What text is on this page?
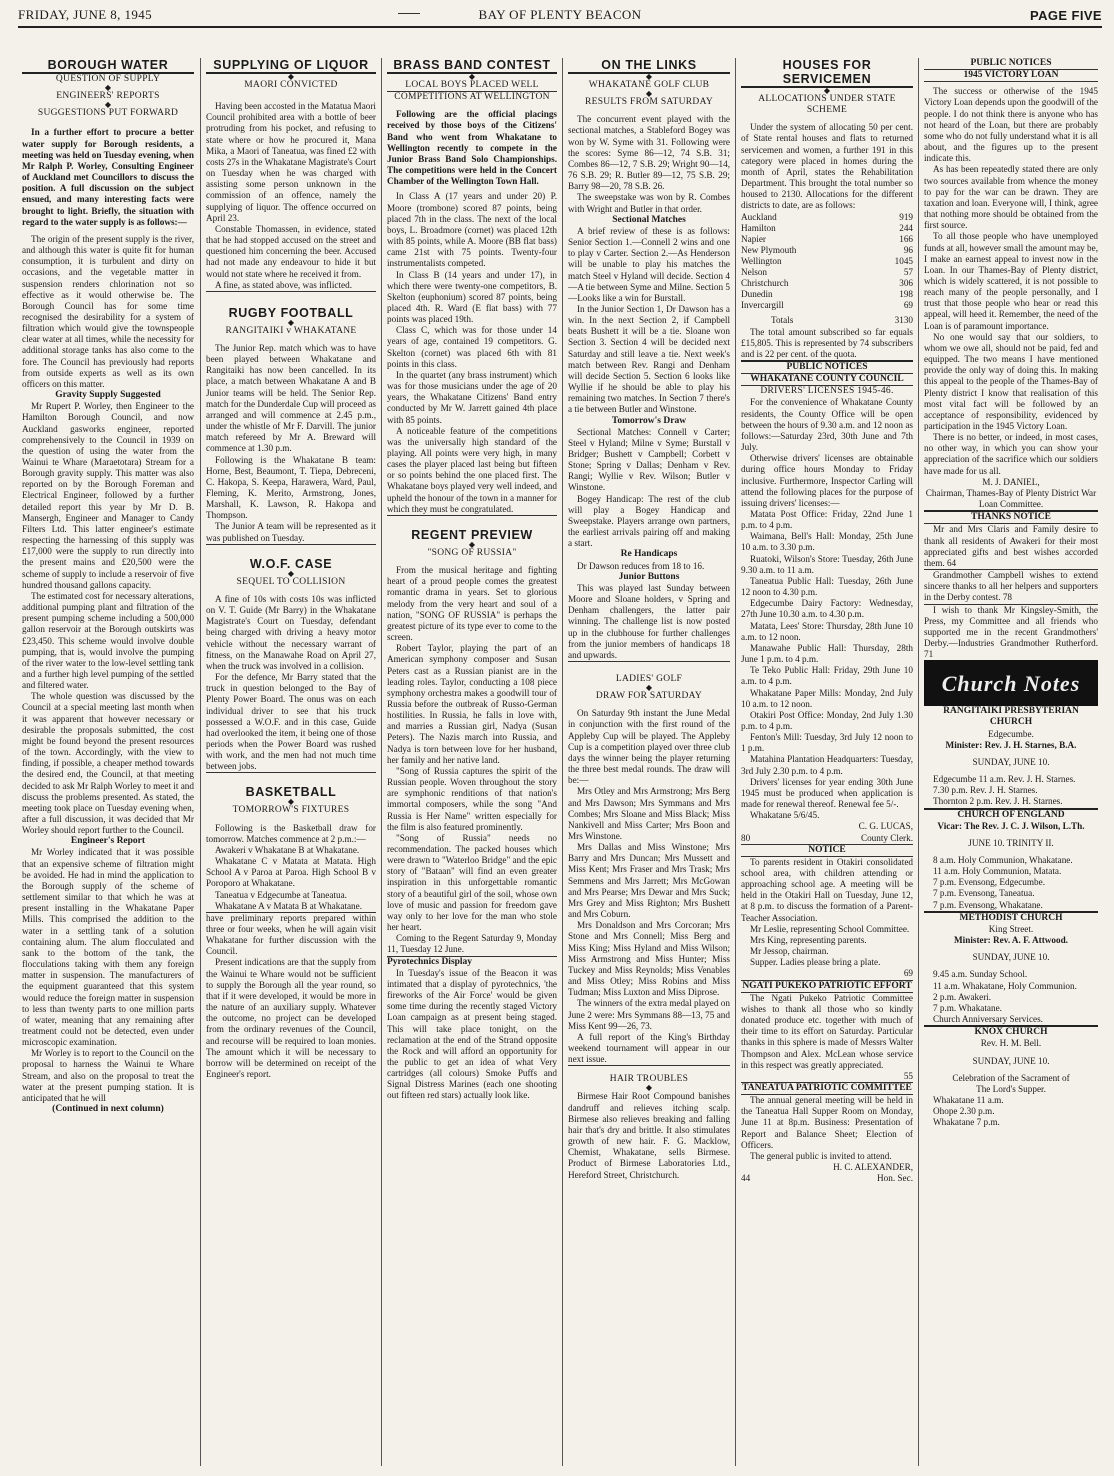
FRIDAY, JUNE 8, 1945	BAY OF PLENTY BEACON	PAGE FIVE
BOROUGH WATER
QUESTION OF SUPPLY
◆
ENGINEERS' REPORTS
◆
SUGGESTIONS PUT FORWARD

In a further effort to procure a better water supply for Borough residents, a meeting was held on Tuesday evening, when Mr Ralph P. Worley, Consulting Engineer of Auckland met Councillors to discuss the position. A full discussion on the subject ensued, and many interesting facts were brought to light. Briefly, the situation with regard to the water supply is as follows:—

The origin of the present supply is the river, and although this water is quite fit for human consumption, it is turbulent and dirty on occasions, and the vegetable matter in suspension renders chlorination not so effective as it would otherwise be. The Borough Council has for some time recognised the desirability for a system of filtration which would give the townspeople clear water at all times, while the necessity for additional storage tanks has also come to the fore. The Council has previously had reports from outside experts as well as its own officers on this matter.

Gravity Supply Suggested

Mr Rupert P. Worley, then Engineer to the Hamilton Borough Council, and now Auckland gasworks engineer, reported comprehensively to the Council in 1939 on the question of using the water from the Wainui te Whare (Maraetotara) Stream for a Borough gravity supply. This matter was also reported on by the Borough Foreman and Electrical Engineer, followed by a further detailed report this year by Mr D. B. Mansergh, Engineer and Manager to Candy Filters Ltd. This latter engineer's estimate respecting the harnessing of this supply was £17,000 were the supply to run directly into the present mains and £20,500 were the scheme of supply to include a reservoir of five hundred thousand gallons capacity.

The estimated cost for necessary alterations, additional pumping plant and filtration of the present pumping scheme including a 500,000 gallon reservoir at the Borough outskirts was £23,450. This scheme would involve double pumping, that is, would involve the pumping of the river water to the low-level settling tank and a further high level pumping of the settled and filtered water.

The whole question was discussed by the Council at a special meeting last month when it was apparent that however necessary or desirable the proposals submitted, the cost might be found beyond the present resources of the town. Accordingly, with the view to finding, if possible, a cheaper method towards the desired end, the Council, at that meeting decided to ask Mr Ralph Worley to meet it and discuss the problems presented. As stated, the meeting took place on Tuesday evening when, after a full discussion, it was decided that Mr Worley should report further to the Council.

Engineer's Report

Mr Worley indicated that it was possible that an expensive scheme of filtration might be avoided. He had in mind the application to the Borough supply of the scheme of settlement similar to that which he was at present installing in the Whakatane Paper Mills. This comprised the addition to the water in a settling tank of a solution containing alum. The alum flocculated and sank to the bottom of the tank, the flocculations taking with them any foreign matter in suspension. The manufacturers of the equipment guaranteed that this system would reduce the foreign matter in suspension to less than twenty parts to one million parts of water, meaning that any remaining after treatment could not be detected, even under microscopic examination.

Mr Worley is to report to the Council on the proposal to harness the Wainui te Whare Stream, and also on the proposal to treat the water at the present pumping station. It is anticipated that he will

(Continued in next column)
SUPPLYING OF LIQUOR
◆
MAORI CONVICTED

Having been accosted in the Matatua Maori Council prohibited area with a bottle of beer protruding from his pocket, and refusing to state where or how he procured it, Mana Mika, a Maori of Taneatua, was fined £2 with costs 27s in the Whakatane Magistrate's Court on Tuesday when he was charged with assisting some person unknown in the commission of an offence, namely the supplying of liquor. The offence occurred on April 23.

Constable Thomassen, in evidence, stated that he had stopped accused on the street and questioned him concerning the beer. Accused had not made any endeavour to hide it but would not state where he received it from.

A fine, as stated above, was inflicted.

RUGBY FOOTBALL
◆
RANGITAIKI v WHAKATANE

The Junior Rep. match which was to have been played between Whakatane and Rangitaiki has now been cancelled. In its place, a match between Whakatane A and B Junior teams will be held. The Senior Rep. match for the Dunderdale Cup will proceed as arranged and will commence at 2.45 p.m., under the whistle of Mr F. Darvill. The junior match refereed by Mr A. Breward will commence at 1.30 p.m.

Following is the Whakatane B team: Horne, Best, Beaumont, T. Tiepa, Debreceni, C. Hakopa, S. Keepa, Harawera, Ward, Paul, Fleming, K. Merito, Armstrong, Jones, Marshall, K. Lawson, R. Hakopa and Thompson.

The Junior A team will be represented as it was published on Tuesday.

W.O.F. CASE
◆
SEQUEL TO COLLISION

A fine of 10s with costs 10s was inflicted on V. T. Guide (Mr Barry) in the Whakatane Magistrate's Court on Tuesday, defendant being charged with driving a heavy motor vehicle without the necessary warrant of fitness, on the Manawahe Road on April 27, when the truck was involved in a collision.

For the defence, Mr Barry stated that the truck in question belonged to the Bay of Plenty Power Board. The onus was on each individual driver to see that his truck possessed a W.O.F. and in this case, Guide had overlooked the item, it being one of those periods when the Power Board was rushed with work, and the men had not much time between jobs.

BASKETBALL
◆
TOMORROW'S FIXTURES

Following is the Basketball draw for tomorrow. Matches commence at 2 p.m.:—

Awakeri v Whakatane B at Whakatane.

Whakatane C v Matata at Matata. High School A v Paroa at Paroa. High School B v Poroporo at Whakatane.

Taneatua v Edgecumbe at Taneatua.

Whakatane A v Matata B at Whakatane.

have preliminary reports prepared within three or four weeks, when he will again visit Whakatane for further discussion with the Council.

Present indications are that the supply from the Wainui te Whare would not be sufficient to supply the Borough all the year round, so that if it were developed, it would be more in the nature of an auxiliary supply. Whatever the outcome, no project can be developed from the ordinary revenues of the Council, and recourse will be required to loan monies. The amount which it will be necessary to borrow will be determined on receipt of the Engineer's report.

BRASS BAND CONTEST
◆
LOCAL BOYS PLACED WELL
COMPETITIONS AT WELLINGTON

Following are the official placings received by those boys of the Citizens' Band who went from Whakatane to Wellington recently to compete in the Junior Brass Band Solo Championships. The competitions were held in the Concert Chamber of the Wellington Town Hall.

In Class A (17 years and under 20) P. Moore (trombone) scored 87 points, being placed 7th in the class. The next of the local boys, L. Broadmore (cornet) was placed 12th with 85 points, while A. Moore (BB flat bass) came 21st with 75 points. Twenty-four instrumentalists competed.

In Class B (14 years and under 17), in which there were twenty-one competitors, B. Skelton (euphonium) scored 87 points, being placed 4th. R. Ward (E flat bass) with 77 points was placed 19th.

Class C, which was for those under 14 years of age, contained 19 competitors. G. Skelton (cornet) was placed 6th with 81 points in this class.

In the quartet (any brass instrument) which was for those musicians under the age of 20 years, the Whakatane Citizens' Band entry conducted by Mr W. Jarrett gained 4th place with 85 points.

A noticeable feature of the competitions was the universally high standard of the playing. All points were very high, in many cases the player placed last being but fifteen or so points behind the one placed first. The Whakatane boys played very well indeed, and upheld the honour of the town in a manner for which they must be congratulated.

REGENT PREVIEW
◆
"SONG OF RUSSIA"

From the musical heritage and fighting heart of a proud people comes the greatest romantic drama in years. Set to glorious melody from the very heart and soul of a nation, "SONG OF RUSSIA" is perhaps the greatest picture of its type ever to come to the screen.

Robert Taylor, playing the part of an American symphony composer and Susan Peters cast as a Russian pianist are in the leading roles. Taylor, conducting a 108 piece symphony orchestra makes a goodwill tour of Russia before the outbreak of Russo-German hostilities. In Russia, he falls in love with, and marries a Russian girl, Nadya (Susan Peters). The Nazis march into Russia, and Nadya is torn between love for her husband, her family and her native land.

"Song of Russia captures the spirit of the Russian people. Woven throughout the story are symphonic renditions of that nation's immortal composers, while the song "And Russia is Her Name" written especially for the film is also featured prominently.

"Song of Russia" needs no recommendation. The packed houses which were drawn to "Waterloo Bridge" and the epic story of "Bataan" will find an even greater inspiration in this unforgettable romantic story of a beautiful girl of the soil, whose own love of music and passion for freedom gave way only to her love for the man who stole her heart.

Coming to the Regent Saturday 9, Monday 11, Tuesday 12 June.

Pyrotechnics Display

In Tuesday's issue of the Beacon it was intimated that a display of pyrotechnics, 'the fireworks of the Air Force' would be given some time during the recently staged Victory Loan campaign as at present being staged. This will take place tonight, on the reclamation at the end of the Strand opposite the Rock and will afford an opportunity for the public to get an idea of what Very cartridges (all colours) Smoke Puffs and Signal Distress Marines (each one shooting out fifteen red stars) actually look like.

ON THE LINKS
◆
WHAKATANE GOLF CLUB
◆
RESULTS FROM SATURDAY

The concurrent event played with the sectional matches, a Stableford Bogey was won by W. Syme with 31. Following were the scores: Syme 86—12, 74 S.B. 31; Combes 86—12, 7 S.B. 29; Wright 90—14, 76 S.B. 29; R. Butler 89—12, 75 S.B. 29; Barry 98—20, 78 S.B. 26.

The sweepstake was won by R. Combes with Wright and Butler in that order.

Sectional Matches

A brief review of these is as follows: Senior Section 1.—Connell 2 wins and one to play v Carter. Section 2.—As Henderson will be unable to play his matches the match Steel v Hyland will decide. Section 4—A tie between Syme and Milne. Section 5—Looks like a win for Burstall.

In the Junior Section 1, Dr Dawson has a win. In the next Section 2, if Campbell beats Bushett it will be a tie. Sloane won Section 3. Section 4 will be decided next Saturday and still leave a tie. Next week's match between Rev. Rangi and Denham will decide Section 5. Section 6 looks like Wyllie if he should be able to play his remaining two matches. In Section 7 there's a tie between Butler and Winstone.

Tomorrow's Draw

Sectional Matches: Connell v Carter; Steel v Hyland; Milne v Syme; Burstall v Bridger; Bushett v Campbell; Corbett v Stone; Spring v Dallas; Denham v Rev. Rangi; Wyllie v Rev. Wilson; Butler v Winstone.

Bogey Handicap: The rest of the club will play a Bogey Handicap and Sweepstake. Players arrange own partners, the earliest arrivals pairing off and making a start.

Re Handicaps

Dr Dawson reduces from 18 to 16.

Junior Buttons

This was played last Sunday between Moore and Sloane holders, v Spring and Denham challengers, the latter pair winning. The challenge list is now posted up in the clubhouse for further challenges from the junior members of handicaps 18 and upwards.

LADIES' GOLF
◆
DRAW FOR SATURDAY

On Saturday 9th instant the June Medal in conjunction with the first round of the Appleby Cup will be played. The Appleby Cup is a competition played over three club days the winner being the player returning the three best medal rounds. The draw will be:—

Mrs Otley and Mrs Armstrong; Mrs Berg and Mrs Dawson; Mrs Symmans and Mrs Combes; Mrs Sloane and Miss Black; Miss Nankivell and Miss Carter; Mrs Boon and Mrs Winstone.

Mrs Dallas and Miss Winstone; Mrs Barry and Mrs Duncan; Mrs Mussett and Miss Kent; Mrs Fraser and Mrs Trask; Mrs Semmens and Mrs Jarrett; Mrs McGowan and Mrs Pearse; Mrs Dewar and Mrs Suck; Mrs Grey and Miss Righton; Mrs Bushett and Mrs Coburn.

Mrs Donaldson and Mrs Corcoran; Mrs Stone and Mrs Connell; Miss Berg and Miss King; Miss Hyland and Miss Wilson; Miss Armstrong and Miss Hunter; Miss Tuckey and Miss Reynolds; Miss Venables and Miss Otley; Miss Robins and Miss Tudman; Miss Luxton and Miss Diprose.

The winners of the extra medal played on June 2 were: Mrs Symmans 88—13, 75 and Miss Kent 99—26, 73.

A full report of the King's Birthday weekend tournament will appear in our next issue.

HAIR TROUBLES
◆

Birmese Hair Root Compound banishes dandruff and relieves itching scalp. Birmese also relieves breaking and falling hair that's dry and brittle. It also stimulates growth of new hair. F. G. Macklow, Chemist, Whakatane, sells Birmese. Product of Birmese Laboratories Ltd., Hereford Street, Christchurch.

HOUSES FOR SERVICEMEN
◆
ALLOCATIONS UNDER STATE SCHEME

Under the system of allocating 50 per cent. of State rental houses and flats to returned servicemen and women, a further 191 in this category were placed in homes during the month of April, states the Rehabilitation Department. This brought the total number so housed to 2130. Allocations for the different districts to date, are as follows:

Auckland	919
Hamilton	244
Napier	166
New Plymouth	96
Wellington	1045
Nelson	57
Christchurch	306
Dunedin	198
Invercargill	69
Totals	3130

The total amount subscribed so far equals £15,805. This is represented by 74 subscribers and is 22 per cent. of the quota.

PUBLIC NOTICES
WHAKATANE COUNTY COUNCIL
DRIVERS' LICENSES 1945-46.

For the convenience of Whakatane County residents, the County Office will be open between the hours of 9.30 a.m. and 12 noon as follows:—Saturday 23rd, 30th June and 7th July.

Otherwise drivers' licenses are obtainable during office hours Monday to Friday inclusive. Furthermore, Inspector Carling will attend the following places for the purpose of issuing drivers' licenses:—

Matata Post Office: Friday, 22nd June 1 p.m. to 4 p.m.

Waimana, Bell's Hall: Monday, 25th June 10 a.m. to 3.30 p.m.

Ruatoki, Wilson's Store: Tuesday, 26th June 9.30 a.m. to 11 a.m.

Taneatua Public Hall: Tuesday, 26th June 12 noon to 4.30 p.m.

Edgecumbe Dairy Factory: Wednesday, 27th June 10.30 a.m. to 4.30 p.m.

Matata, Lees' Store: Thursday, 28th June 10 a.m. to 12 noon.

Manawahe Public Hall: Thursday, 28th June 1 p.m. to 4 p.m.

Te Teko Public Hall: Friday, 29th June 10 a.m. to 4 p.m.

Whakatane Paper Mills: Monday, 2nd July 10 a.m. to 12 noon.

Otakiri Post Office: Monday, 2nd July 1.30 p.m. to 4 p.m.

Fenton's Mill: Tuesday, 3rd July 12 noon to 1 p.m.

Matahina Plantation Headquarters: Tuesday, 3rd July 2.30 p.m. to 4 p.m.

Drivers' licenses for year ending 30th June 1945 must be produced when application is made for renewal thereof. Renewal fee 5/-.

Whakatane 5/6/45.

C. G. LUCAS,

80	County Clerk.

NOTICE

To parents resident in Otakiri consolidated school area, with children attending or approaching school age. A meeting will be held in the Otakiri Hall on Tuesday, June 12, at 8 p.m. to discuss the formation of a Parent-Teacher Association.

Mr Leslie, representing School Committee.

Mrs King, representing parents.

Mr Jessop, chairman.

Supper. Ladies please bring a plate.

69

NGATI PUKEKO PATRIOTIC EFFORT

The Ngati Pukeko Patriotic Committee wishes to thank all those who so kindly donated produce etc. together with much of their time to its effort on Saturday. Particular thanks in this sphere is made of Messrs Walter Thompson and Alex. McLean whose service in this respect was greatly appreciated.

55

TANEATUA PATRIOTIC COMMITTEE

The annual general meeting will be held in the Taneatua Hall Supper Room on Monday, June 11 at 8p.m. Business: Presentation of Report and Balance Sheet; Election of Officers.

The general public is invited to attend.

H. C. ALEXANDER,

44	Hon. Sec.

PUBLIC NOTICES
1945 VICTORY LOAN

The success or otherwise of the 1945 Victory Loan depends upon the goodwill of the people. I do not think there is anyone who has not heard of the Loan, but there are probably some who do not fully understand what it is all about, and the figures up to the present indicate this.

As has been repeatedly stated there are only two sources available from whence the money to pay for the war can be drawn. They are taxation and loan. Everyone will, I think, agree that nothing more should be obtained from the first source.

To all those people who have unemployed funds at all, however small the amount may be, I make an earnest appeal to invest now in the Loan. In our Thames-Bay of Plenty district, which is widely scattered, it is not possible to reach many of the people personally, and I trust that those people who hear or read this appeal, will heed it. Remember, the need of the Loan is of paramount importance.

No one would say that our soldiers, to whom we owe all, should not be paid, fed and equipped. The two means I have mentioned provide the only way of doing this. In making this appeal to the people of the Thames-Bay of Plenty district I know that realisation of this most vital fact will be followed by an acceptance of responsibility, evidenced by participation in the 1945 Victory Loan.

There is no better, or indeed, in most cases, no other way, in which you can show your appreciation of the sacrifice which our soldiers have made for us all.

M. J. DANIEL,

Chairman, Thames-Bay of Plenty District War Loan Committee.

THANKS NOTICE

Mr and Mrs Claris and Family desire to thank all residents of Awakeri for their most appreciated gifts and best wishes accorded them. 64

Grandmother Campbell wishes to extend sincere thanks to all her helpers and supporters in the Derby contest. 78

I wish to thank Mr Kingsley-Smith, the Press, my Committee and all friends who supported me in the recent Grandmothers' Derby.—Industries Grandmother Rutherford. 71

Church Notes
RANGITAIKI PRESBYTERIAN CHURCH

Edgecumbe.

Minister: Rev. J. H. Starnes, B.A.

SUNDAY, JUNE 10.

Edgecumbe 11 a.m. Rev. J. H. Starnes.

7.30 p.m. Rev. J. H. Starnes.

Thornton 2 p.m. Rev. J. H. Starnes.

CHURCH OF ENGLAND

Vicar: The Rev. J. C. J. Wilson, L.Th.

JUNE 10. TRINITY II.

8 a.m. Holy Communion, Whakatane.

11 a.m. Holy Communion, Matata.

7 p.m. Evensong, Edgecumbe.

7 p.m. Evensong, Taneatua.

7 p.m. Evensong, Whakatane.

METHODIST CHURCH

King Street.

Minister: Rev. A. F. Attwood.

SUNDAY, JUNE 10.

9.45 a.m. Sunday School.

11 a.m. Whakatane, Holy Communion.

2 p.m. Awakeri.

7 p.m. Whakatane.

Church Anniversary Services.

KNOX CHURCH

Rev. H. M. Bell.

SUNDAY, JUNE 10.

Celebration of the Sacrament of

The Lord's Supper.

Whakatane 11 a.m.

Ohope 2.30 p.m.

Whakatane 7 p.m.
